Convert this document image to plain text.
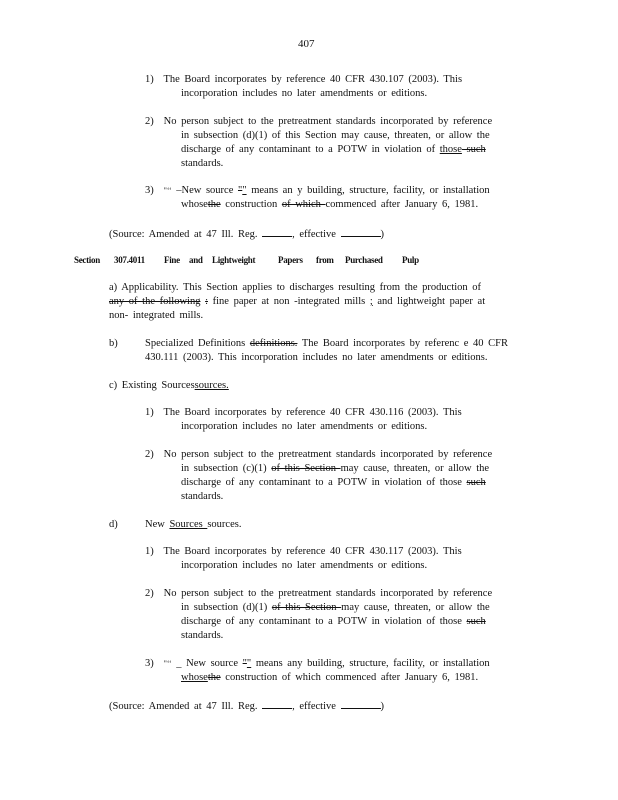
407
1) The Board incorporates by reference 40 CFR 430.107 (2003). This
incorporation includes no later amendments or editions.
2) No person subject to the pretreatment standards incorporated by reference
in subsection (d)(1) of this Section may cause, threaten, or allow the
discharge of any contaminant to a POTW in violation of those such
standards.
3) "‘‘ –New source "" means an y building, structure, facility, or installation
whosethe construction of which commenced after January 6, 1981.
(Source: Amended at 47 Ill. Reg.	, effective	)
Section 307.4011 Fine and Lightweight	Papers from Purchased Pulp
a) Applicability. This Section applies to discharges resulting from the production of
any of the following : fine paper at non -integrated mills ; and lightweight paper at
non- integrated mills.
b)	Specialized Definitions definitions. The Board incorporates by referenc e 40 CFR
430.111 (2003). This incorporation includes no later amendments or editions.
c) Existing Sourcessources.
1) The Board incorporates by reference 40 CFR 430.116 (2003). This
incorporation includes no later amendments or editions.
2) No person subject to the pretreatment standards incorporated by reference
in subsection (c)(1) of this Section may cause, threaten, or allow the
discharge of any contaminant to a POTW in violation of those such
standards.
d)	New Sources sources.
1) The Board incorporates by reference 40 CFR 430.117 (2003). This
incorporation includes no later amendments or editions.
2) No person subject to the pretreatment standards incorporated by reference
in subsection (d)(1) of this Section may cause, threaten, or allow the
discharge of any contaminant to a POTW in violation of those such
standards.
3) "‘‘ _ New source "" means any building, structure, facility, or installation
whosethe construction of which commenced after January 6, 1981.
(Source: Amended at 47 Ill. Reg.	, effective	)
